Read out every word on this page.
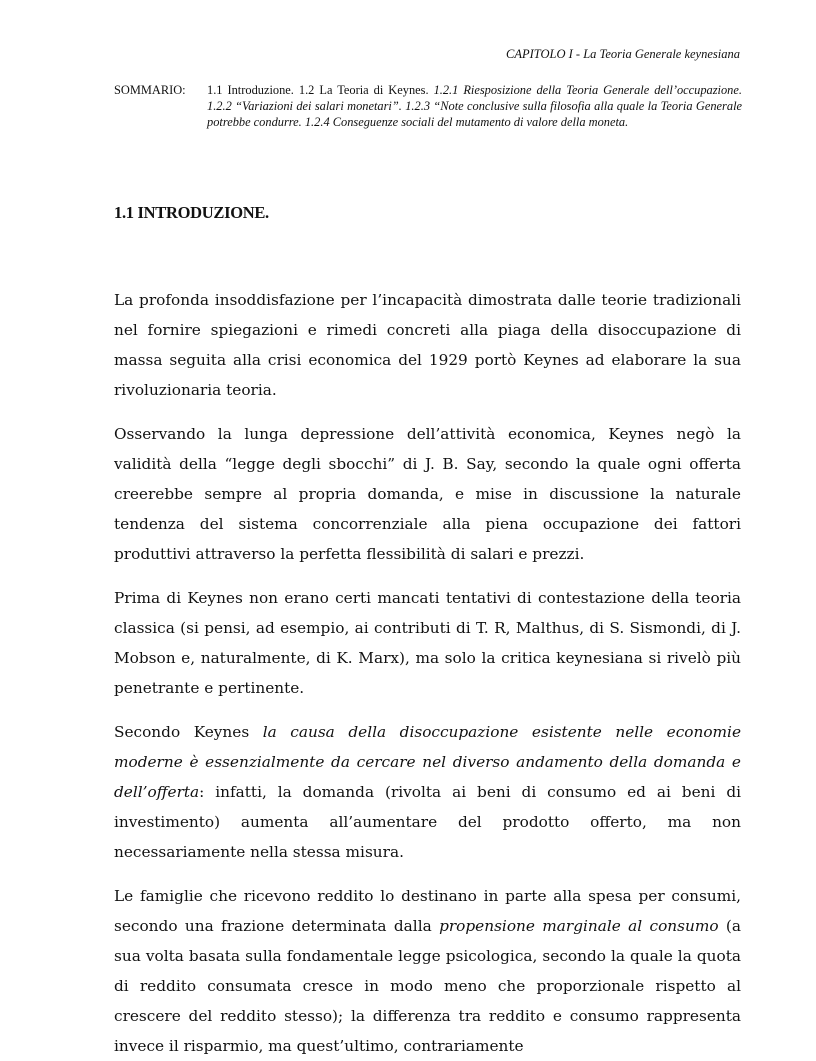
CAPITOLO I - La Teoria Generale keynesiana
SOMMARIO: 1.1 Introduzione. 1.2 La Teoria di Keynes. 1.2.1 Riesposizione della Teoria Generale dell’occupazione. 1.2.2 “Variazioni dei salari monetari”. 1.2.3 “Note conclusive sulla filosofia alla quale la Teoria Generale potrebbe condurre. 1.2.4 Conseguenze sociali del mutamento di valore della moneta.
1.1 INTRODUZIONE.

La profonda insoddisfazione per l’incapacità dimostrata dalle teorie tradizionali nel fornire spiegazioni e rimedi concreti alla piaga della disoccupazione di massa seguita alla crisi economica del 1929 portò Keynes ad elaborare la sua rivoluzionaria teoria.

Osservando la lunga depressione dell’attività economica, Keynes negò la validità della “legge degli sbocchi” di J. B. Say, secondo la quale ogni offerta creerebbe sempre al propria domanda, e mise in discussione la naturale tendenza del sistema concorrenziale alla piena occupazione dei fattori produttivi attraverso la perfetta flessibilità di salari e prezzi.

Prima di Keynes non erano certi mancati tentativi di contestazione della teoria classica (si pensi, ad esempio, ai contributi di T. R, Malthus, di S. Sismondi, di J. Mobson e, naturalmente, di K. Marx), ma solo la critica keynesiana si rivelò più penetrante e pertinente.

Secondo Keynes la causa della disoccupazione esistente nelle economie moderne è essenzialmente da cercare nel diverso andamento della domanda e dell’offerta: infatti, la domanda (rivolta ai beni di consumo ed ai beni di investimento) aumenta all’aumentare del prodotto offerto, ma non necessariamente nella stessa misura.

Le famiglie che ricevono reddito lo destinano in parte alla spesa per consumi, secondo una frazione determinata dalla propensione marginale al consumo (a sua volta basata sulla fondamentale legge psicologica, secondo la quale la quota di reddito consumata cresce in modo meno che proporzionale rispetto al crescere del reddito stesso); la differenza tra reddito e consumo rappresenta invece il risparmio, ma quest’ultimo, contrariamente
